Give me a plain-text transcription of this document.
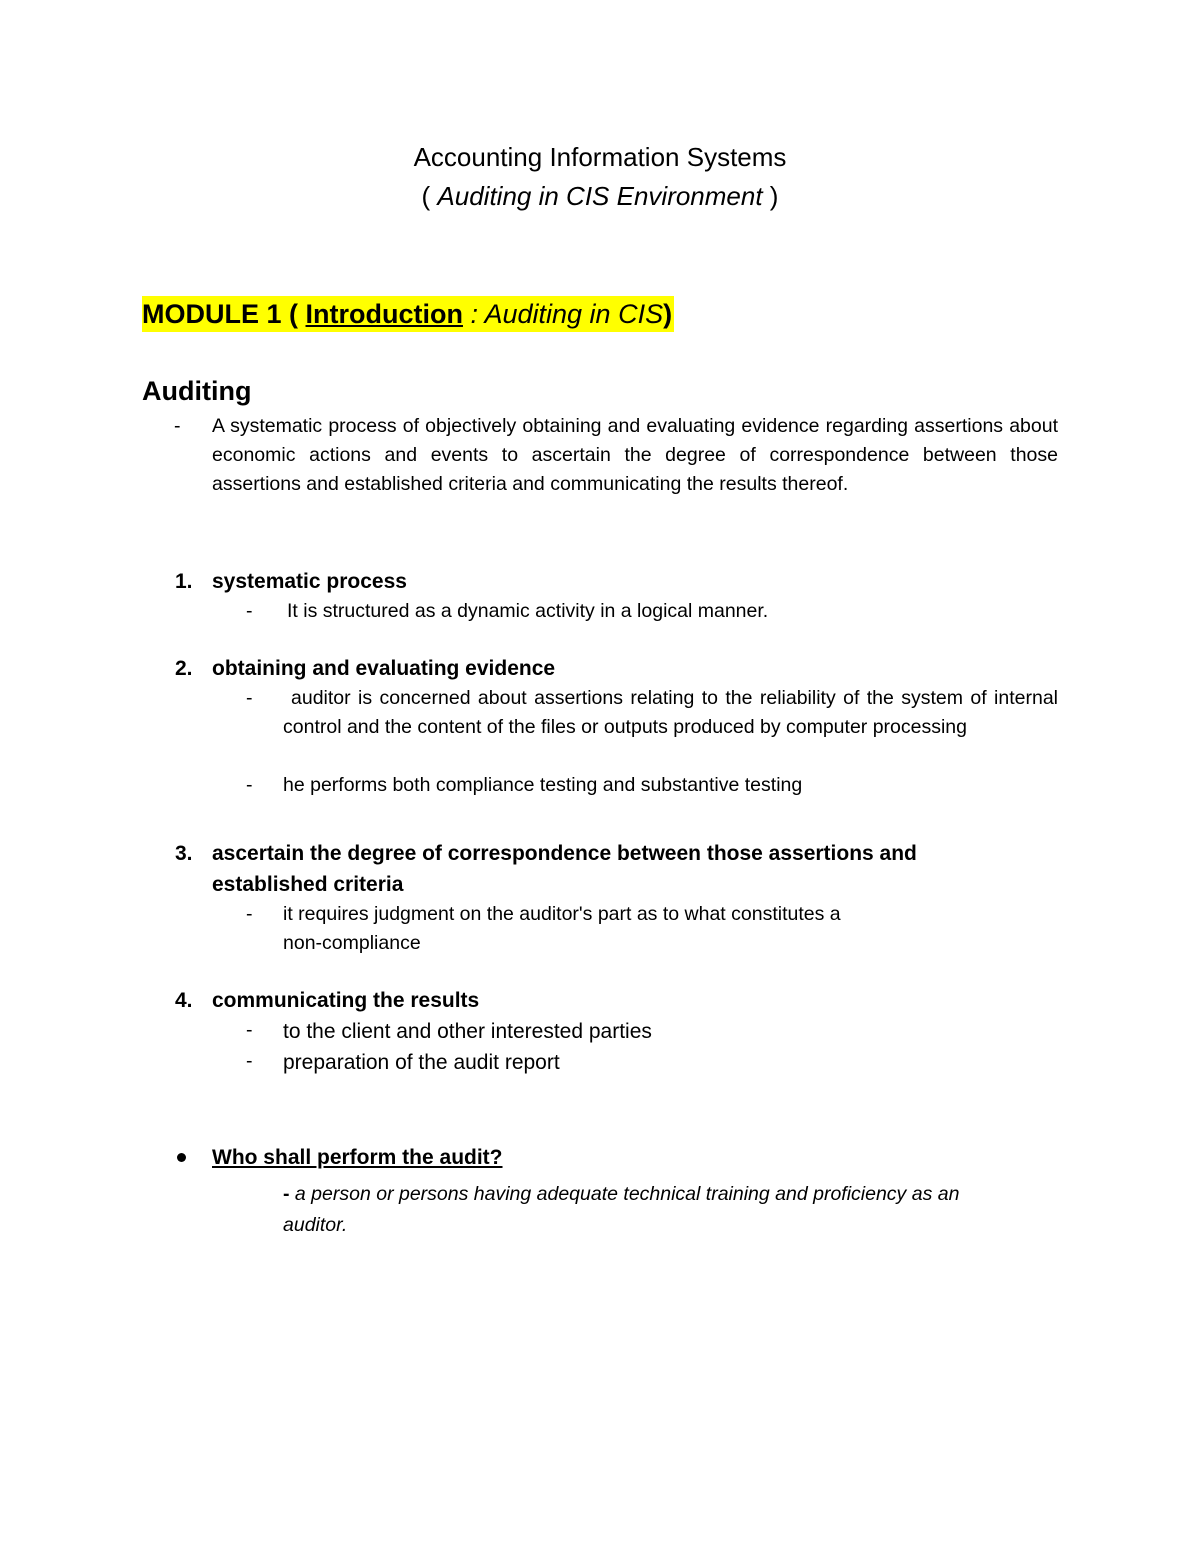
Accounting Information Systems
( Auditing in CIS Environment )
MODULE 1 ( Introduction : Auditing in CIS)
Auditing
- A systematic process of objectively obtaining and evaluating evidence regarding assertions about economic actions and events to ascertain the degree of correspondence between those assertions and established criteria and communicating the results thereof.
1. systematic process
- It is structured as a dynamic activity in a logical manner.
2. obtaining and evaluating evidence
-	auditor is concerned about assertions relating to the reliability of the system of internal control and the content of the files or outputs produced by computer processing
- he performs both compliance testing and substantive testing
3. ascertain the degree of correspondence between those assertions and
established criteria
- it requires judgment on the auditor's part as to what constitutes a
non-compliance
4. communicating the results
- to the client and other interested parties
- preparation of the audit report
Who shall perform the audit?
- a person or persons having adequate technical training and proficiency as an
auditor.
